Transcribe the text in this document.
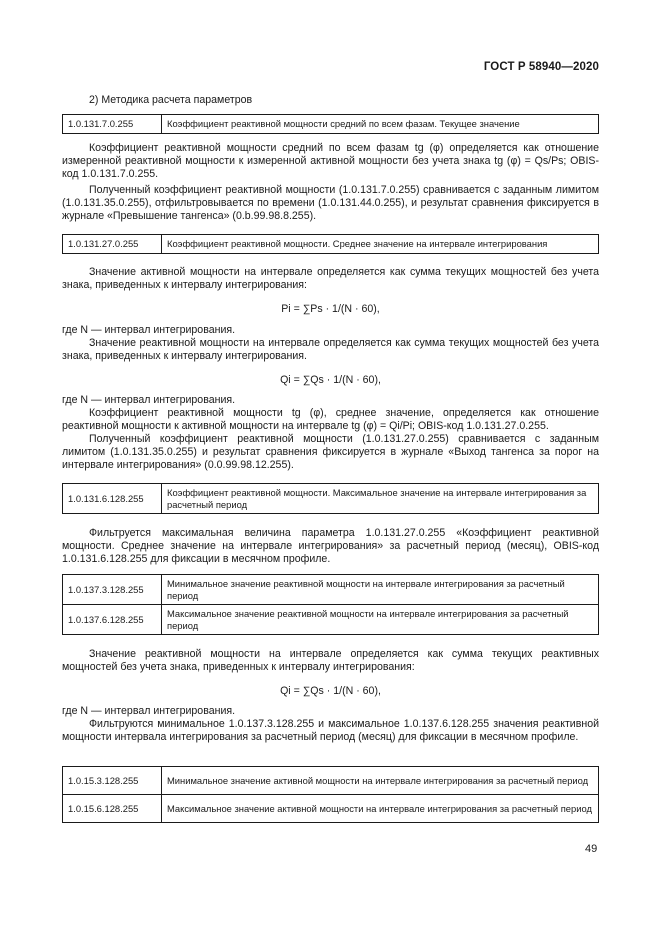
ГОСТ Р 58940—2020
2) Методика расчета параметров
1.0.131.7.0.255	Коэффициент реактивной мощности средний по всем фазам. Текущее значение

Коэффициент реактивной мощности средний по всем фазам tg (φ) определяется как отношение измеренной реактивной мощности к измеренной активной мощности без учета знака tg (φ) = Qs/Ps; OBIS-код 1.0.131.7.0.255.

Полученный коэффициент реактивной мощности (1.0.131.7.0.255) сравнивается с заданным лимитом (1.0.131.35.0.255), отфильтровывается по времени (1.0.131.44.0.255), и результат сравнения фиксируется в журнале «Превышение тангенса» (0.b.99.98.8.255).

1.0.131.27.0.255	Коэффициент реактивной мощности. Среднее значение на интервале интегрирования

Значение активной мощности на интервале определяется как сумма текущих мощностей без учета знака, приведенных к интервалу интегрирования:

Pi = ∑Ps · 1/(N · 60),

где N — интервал интегрирования.

Значение реактивной мощности на интервале определяется как сумма текущих мощностей без учета знака, приведенных к интервалу интегрирования.

Qi = ∑Qs · 1/(N · 60),

где N — интервал интегрирования.

Коэффициент реактивной мощности tg (φ), среднее значение, определяется как отношение реактивной мощности к активной мощности на интервале tg (φ) = Qi/Pi; OBIS-код 1.0.131.27.0.255.

Полученный коэффициент реактивной мощности (1.0.131.27.0.255) сравнивается с заданным лимитом (1.0.131.35.0.255) и результат сравнения фиксируется в журнале «Выход тангенса за порог на интервале интегрирования» (0.0.99.98.12.255).

1.0.131.6.128.255	Коэффициент реактивной мощности. Максимальное значение на интервале интегрирования за расчетный период

Фильтруется максимальная величина параметра 1.0.131.27.0.255 «Коэффициент реактивной мощности. Среднее значение на интервале интегрирования» за расчетный период (месяц), OBIS-код 1.0.131.6.128.255 для фиксации в месячном профиле.

1.0.137.3.128.255	Минимальное значение реактивной мощности на интервале интегрирования за расчетный период
1.0.137.6.128.255	Максимальное значение реактивной мощности на интервале интегрирования за расчетный период

Значение реактивной мощности на интервале определяется как сумма текущих реактивных мощностей без учета знака, приведенных к интервалу интегрирования:

Qi = ∑Qs · 1/(N · 60),

где N — интервал интегрирования.

Фильтруются минимальное 1.0.137.3.128.255 и максимальное 1.0.137.6.128.255 значения реактивной мощности интервала интегрирования за расчетный период (месяц) для фиксации в месячном профиле.

1.0.15.3.128.255	Минимальное значение активной мощности на интервале интегрирования за расчетный период
1.0.15.6.128.255	Максимальное значение активной мощности на интервале интегрирования за расчетный период
49
